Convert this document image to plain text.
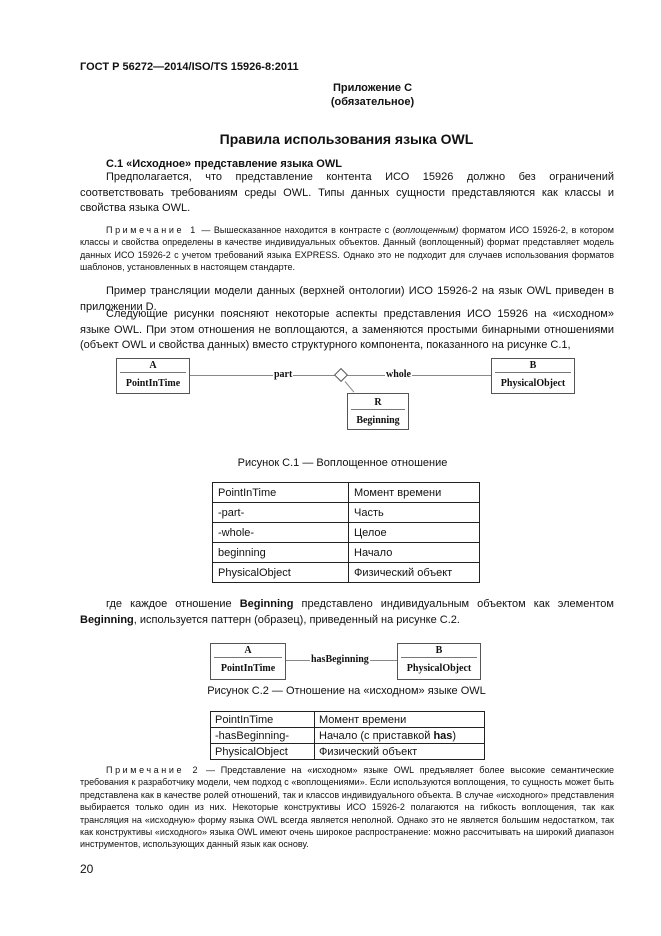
ГОСТ Р 56272—2014/ISO/TS 15926-8:2011
Приложение С
(обязательное)
Правила использования языка OWL
С.1 «Исходное» представление языка OWL
Предполагается, что представление контента ИСО 15926 должно без ограничений соответствовать требованиям среды OWL. Типы данных сущности представляются как классы и свойства языка OWL.
Примечание 1 — Вышесказанное находится в контрасте с (воплощенным) форматом ИСО 15926-2, в котором классы и свойства определены в качестве индивидуальных объектов. Данный (воплощенный) формат представляет модель данных ИСО 15926-2 с учетом требований языка EXPRESS. Однако это не подходит для случаев использования форматов шаблонов, установленных в настоящем стандарте.
Пример трансляции модели данных (верхней онтологии) ИСО 15926-2 на язык OWL приведен в приложении D.
Следующие рисунки поясняют некоторые аспекты представления ИСО 15926 на «исходном» языке OWL. При этом отношения не воплощаются, а заменяются простыми бинарными отношениями (объект OWL и свойства данных) вместо структурного компонента, показанного на рисунке С.1,
part	whole
A
PointInTime
B
PhysicalObject
R
Beginning
Рисунок С.1 — Воплощенное отношение
PointInTime	Момент времени
-part-	Часть
-whole-	Целое
beginning	Начало
PhysicalObject	Физический объект
где каждое отношение Beginning представлено индивидуальным объектом как элементом Beginning, используется паттерн (образец), приведенный на рисунке С.2.
hasBeginning
A
PointInTime
B
PhysicalObject
Рисунок С.2 — Отношение на «исходном» языке OWL
PointInTime	Момент времени
-hasBeginning-	Начало (с приставкой has)
PhysicalObject	Физический объект
Примечание 2 — Представление на «исходном» языке OWL предъявляет более высокие семантические требования к разработчику модели, чем подход с «воплощениями». Если используются воплощения, то сущность может быть представлена как в качестве ролей отношений, так и классов индивидуального объекта. В случае «исходного» представления выбирается только один из них. Некоторые конструктивы ИСО 15926-2 полагаются на гибкость воплощения, так как трансляция на «исходную» форму языка OWL всегда является неполной. Однако это не является большим недостатком, так как конструктивы «исходного» языка OWL имеют очень широкое распространение: можно рассчитывать на широкий диапазон инструментов, использующих данный язык как основу.
20
